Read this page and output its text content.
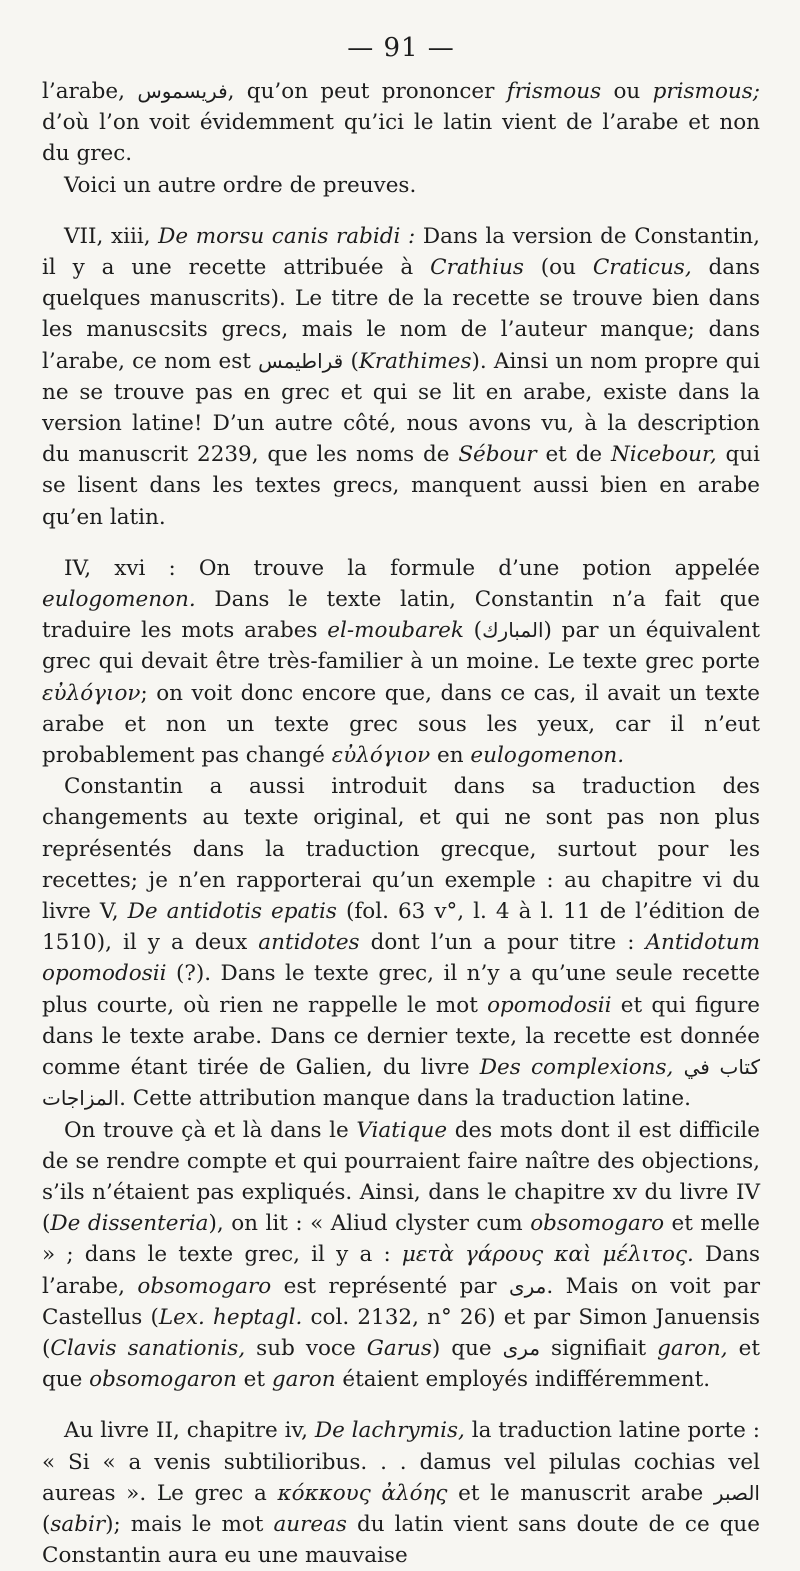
— 91 —

l’arabe, فريسموس, qu’on peut prononcer frismous ou prismous; d’où l’on voit évidemment qu’ici le latin vient de l’arabe et non du grec.

Voici un autre ordre de preuves.

VII, xiii, De morsu canis rabidi : Dans la version de Constantin, il y a une recette attribuée à Crathius (ou Craticus, dans quelques manuscrits). Le titre de la recette se trouve bien dans les manuscsits grecs, mais le nom de l’auteur manque; dans l’arabe, ce nom est قراطيمس (Krathimes). Ainsi un nom propre qui ne se trouve pas en grec et qui se lit en arabe, existe dans la version latine! D’un autre côté, nous avons vu, à la description du manuscrit 2239, que les noms de Sébour et de Nicebour, qui se lisent dans les textes grecs, manquent aussi bien en arabe qu’en latin.

IV, xvi : On trouve la formule d’une potion appelée eulogomenon. Dans le texte latin, Constantin n’a fait que traduire les mots arabes el-moubarek (المبارك) par un équivalent grec qui devait être très-familier à un moine. Le texte grec porte εὐλόγιον; on voit donc encore que, dans ce cas, il avait un texte arabe et non un texte grec sous les yeux, car il n’eut probablement pas changé εὐλόγιον en eulogomenon.

Constantin a aussi introduit dans sa traduction des changements au texte original, et qui ne sont pas non plus représentés dans la traduction grecque, surtout pour les recettes; je n’en rapporterai qu’un exemple : au chapitre vi du livre V, De antidotis epatis (fol. 63 v°, l. 4 à l. 11 de l’édition de 1510), il y a deux antidotes dont l’un a pour titre : Antidotum opomodosii (?). Dans le texte grec, il n’y a qu’une seule recette plus courte, où rien ne rappelle le mot opomodosii et qui figure dans le texte arabe. Dans ce dernier texte, la recette est donnée comme étant tirée de Galien, du livre Des complexions, كتاب في المزاجات. Cette attribution manque dans la traduction latine.

On trouve çà et là dans le Viatique des mots dont il est difficile de se rendre compte et qui pourraient faire naître des objections, s’ils n’étaient pas expliqués. Ainsi, dans le chapitre xv du livre IV (De dissenteria), on lit : « Aliud clyster cum obsomogaro et melle » ; dans le texte grec, il y a : μετὰ γάρους καὶ μέλιτος. Dans l’arabe, obsomogaro est représenté par مرى. Mais on voit par Castellus (Lex. heptagl. col. 2132, n° 26) et par Simon Januensis (Clavis sanationis, sub voce Garus) que مرى signifiait garon, et que obsomogaron et garon étaient employés indifféremment.

Au livre II, chapitre iv, De lachrymis, la traduction latine porte : « Si « a venis subtilioribus. . . damus vel pilulas cochias vel aureas ». Le grec a κόκκους ἀλόης et le manuscrit arabe الصبر (sabir); mais le mot aureas du latin vient sans doute de ce que Constantin aura eu une mauvaise
